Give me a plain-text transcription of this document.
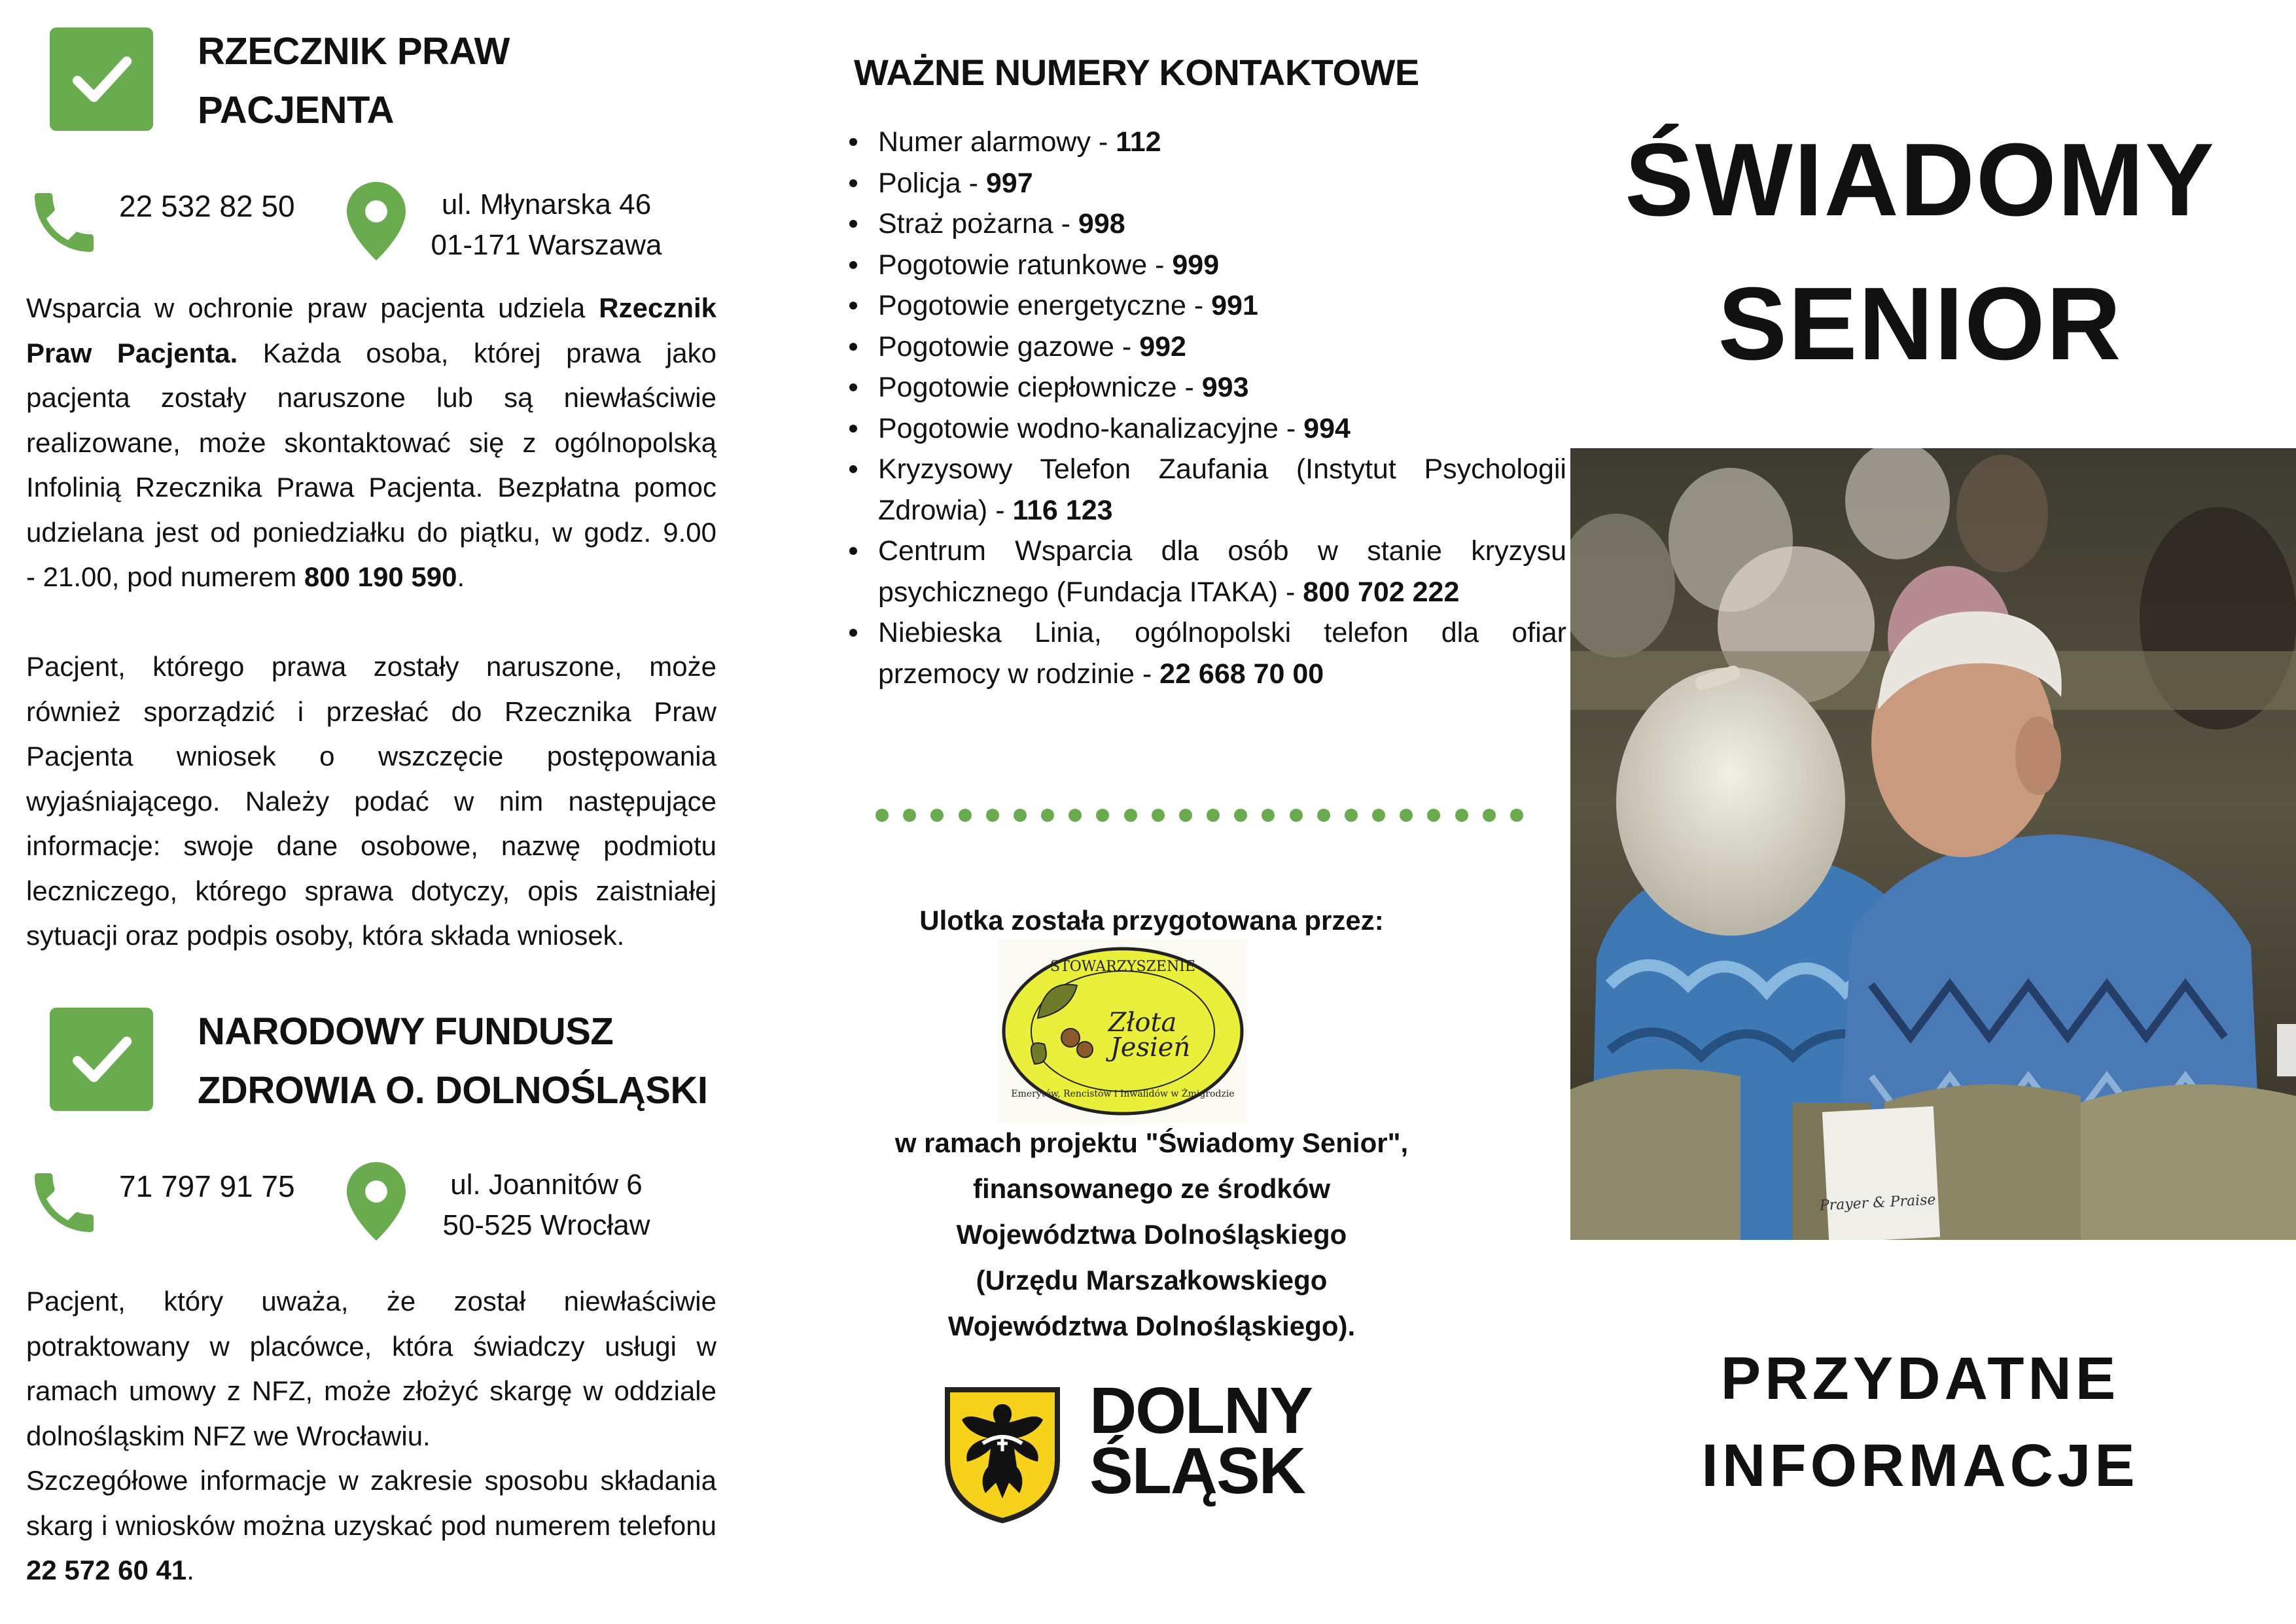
RZECZNIK PRAW
PACJENTA
22 532 82 50	ul. Młynarska 46
01-171 Warszawa
Wsparcia w ochronie praw pacjenta udziela Rzecznik
Praw Pacjenta. Każda osoba, której prawa jako
pacjenta zostały naruszone lub są niewłaściwie
realizowane, może skontaktować się z ogólnopolską
Infolinią Rzecznika Prawa Pacjenta. Bezpłatna pomoc
udzielana jest od poniedziałku do piątku, w godz. 9.00
- 21.00, pod numerem 800 190 590.
Pacjent, którego prawa zostały naruszone, może również sporządzić i przesłać do Rzecznika Praw Pacjenta wniosek o wszczęcie postępowania wyjaśniającego. Należy podać w nim następujące informacje: swoje dane osobowe, nazwę podmiotu leczniczego, którego sprawa dotyczy, opis zaistniałej sytuacji oraz podpis osoby, która składa wniosek.
NARODOWY FUNDUSZ
ZDROWIA O. DOLNOŚLĄSKI
71 797 91 75	ul. Joannitów 6
50-525 Wrocław
Pacjent, który uważa, że został niewłaściwie potraktowany w placówce, która świadczy usługi w ramach umowy z NFZ, może złożyć skargę w oddziale dolnośląskim NFZ we Wrocławiu.
Szczegółowe informacje w zakresie sposobu składania skarg i wniosków można uzyskać pod numerem telefonu 22 572 60 41.
WAŻNE NUMERY KONTAKTOWE
Numer alarmowy - 112
Policja - 997
Straż pożarna - 998
Pogotowie ratunkowe - 999
Pogotowie energetyczne - 991
Pogotowie gazowe - 992
Pogotowie ciepłownicze - 993
Pogotowie wodno-kanalizacyjne - 994
Kryzysowy Telefon Zaufania (Instytut Psychologii Zdrowia) - 116 123
Centrum Wsparcia dla osób w stanie kryzysu psychicznego (Fundacja ITAKA) - 800 702 222
Niebieska Linia, ogólnopolski telefon dla ofiar przemocy w rodzinie - 22 668 70 00
Ulotka została przygotowana przez:
STOWARZYSZENIE
Złota
Jesień
Emerytów, Rencistów i Inwalidów w Żmigrodzie
w ramach projektu "Świadomy Senior",
finansowanego ze środków
Województwa Dolnośląskiego
(Urzędu Marszałkowskiego
Województwa Dolnośląskiego).
DOLNY
ŚLĄSK
ŚWIADOMY
SENIOR
Prayer & Praise
PRZYDATNE
INFORMACJE
